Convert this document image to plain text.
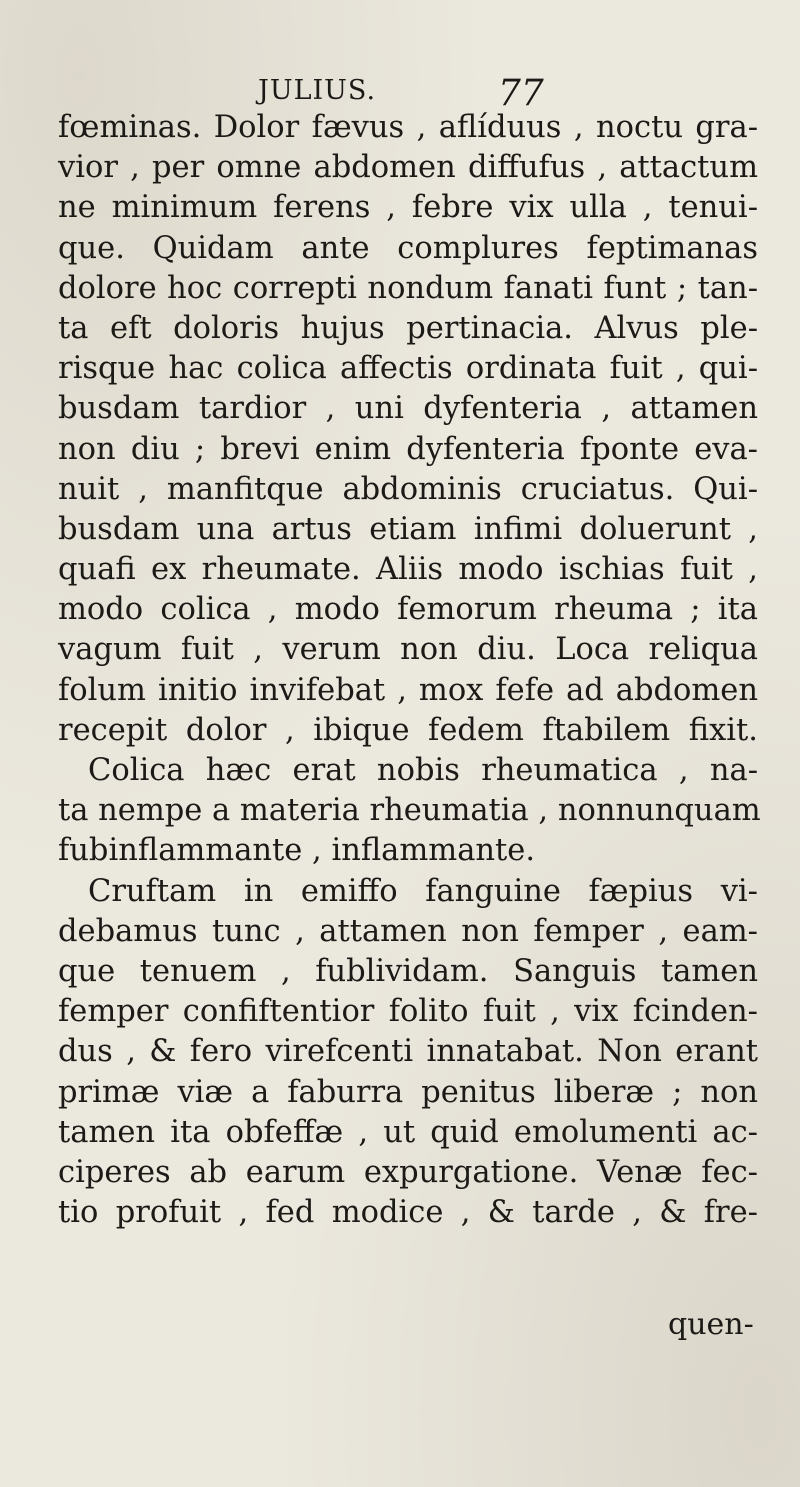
JULIUS.	77
fœminas. Dolor fævus , aflíduus , noctu gra-
vior , per omne abdomen diffufus , attactum
ne minimum ferens , febre vix ulla , tenui-
que. Quidam ante complures feptimanas
dolore hoc correpti nondum fanati funt ; tan-
ta eft doloris hujus pertinacia. Alvus ple-
risque hac colica affectis ordinata fuit , qui-
busdam tardior , uni dyfenteria , attamen
non diu ; brevi enim dyfenteria fponte eva-
nuit , manfitque abdominis cruciatus. Qui-
busdam una artus etiam infimi doluerunt ,
quafi ex rheumate. Aliis modo ischias fuit ,
modo colica , modo femorum rheuma ; ita
vagum fuit , verum non diu. Loca reliqua
folum initio invifebat , mox fefe ad abdomen
recepit dolor , ibique fedem ftabilem fixit.
Colica hæc erat nobis rheumatica , na-
ta nempe a materia rheumatia , nonnunquam
fubinflammante , inflammante.
Cruftam in emiffo fanguine fæpius vi-
debamus tunc , attamen non femper , eam-
que tenuem , fublividam. Sanguis tamen
femper confiftentior folito fuit , vix fcinden-
dus , & fero virefcenti innatabat. Non erant
primæ viæ a faburra penitus liberæ ; non
tamen ita obfeffæ , ut quid emolumenti ac-
ciperes ab earum expurgatione. Venæ fec-
tio profuit , fed modice , & tarde , & fre-
quen-
